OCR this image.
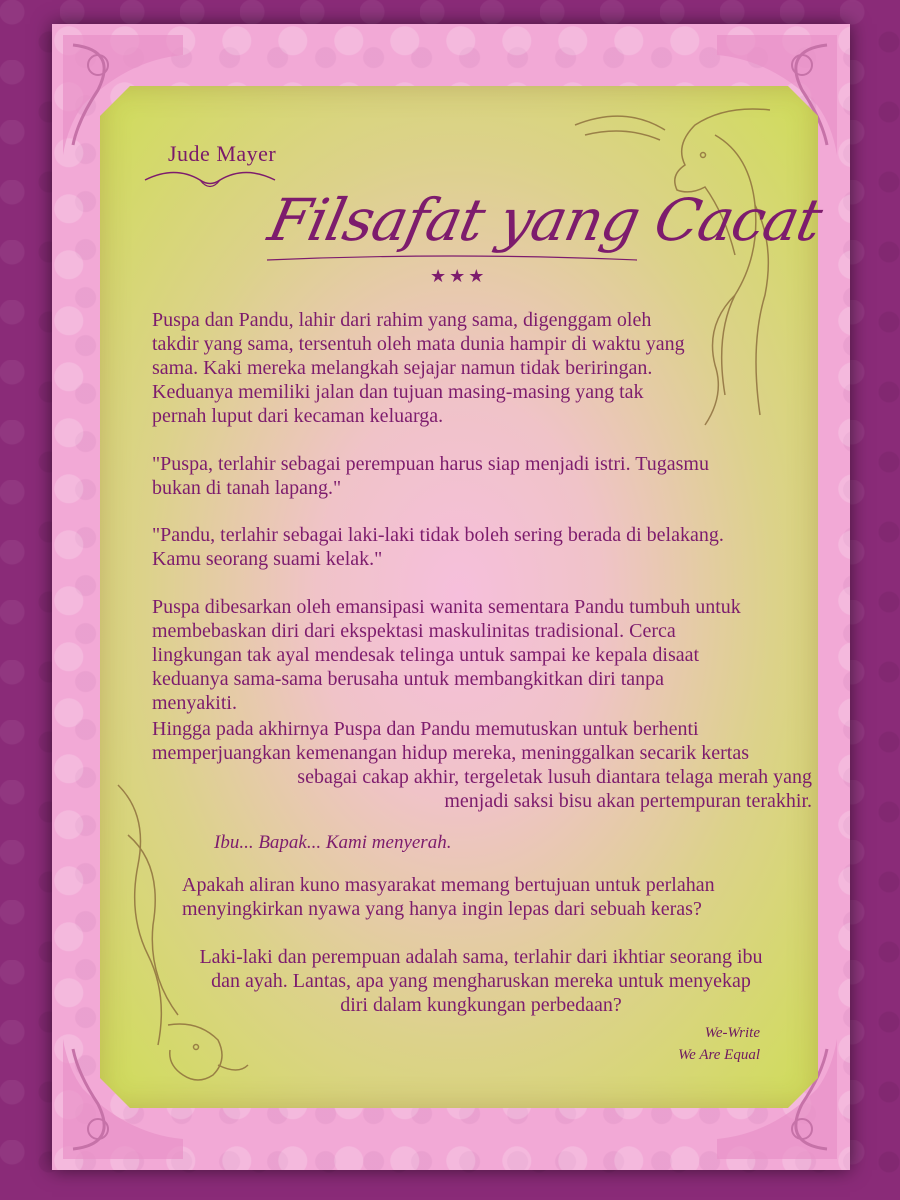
Jude Mayer
Filsafat yang Cacat
★★★
Puspa dan Pandu, lahir dari rahim yang sama, digenggam oleh
takdir yang sama, tersentuh oleh mata dunia hampir di waktu yang
sama. Kaki mereka melangkah sejajar namun tidak beriringan.
Keduanya memiliki jalan dan tujuan masing-masing yang tak
pernah luput dari kecaman keluarga.
"Puspa, terlahir sebagai perempuan harus siap menjadi istri. Tugasmu
bukan di tanah lapang."
"Pandu, terlahir sebagai laki-laki tidak boleh sering berada di belakang.
Kamu seorang suami kelak."
Puspa dibesarkan oleh emansipasi wanita sementara Pandu tumbuh untuk
membebaskan diri dari ekspektasi maskulinitas tradisional. Cerca
lingkungan tak ayal mendesak telinga untuk sampai ke kepala disaat
keduanya sama-sama berusaha untuk membangkitkan diri tanpa
menyakiti.
Hingga pada akhirnya Puspa dan Pandu memutuskan untuk berhenti
memperjuangkan kemenangan hidup mereka, meninggalkan secarik kertas
sebagai cakap akhir, tergeletak lusuh diantara telaga merah yang
menjadi saksi bisu akan pertempuran terakhir.
Ibu... Bapak... Kami menyerah.
Apakah aliran kuno masyarakat memang bertujuan untuk perlahan
menyingkirkan nyawa yang hanya ingin lepas dari sebuah keras?
Laki-laki dan perempuan adalah sama, terlahir dari ikhtiar seorang ibu
dan ayah. Lantas, apa yang mengharuskan mereka untuk menyekap
diri dalam kungkungan perbedaan?
We-Write
We Are Equal
